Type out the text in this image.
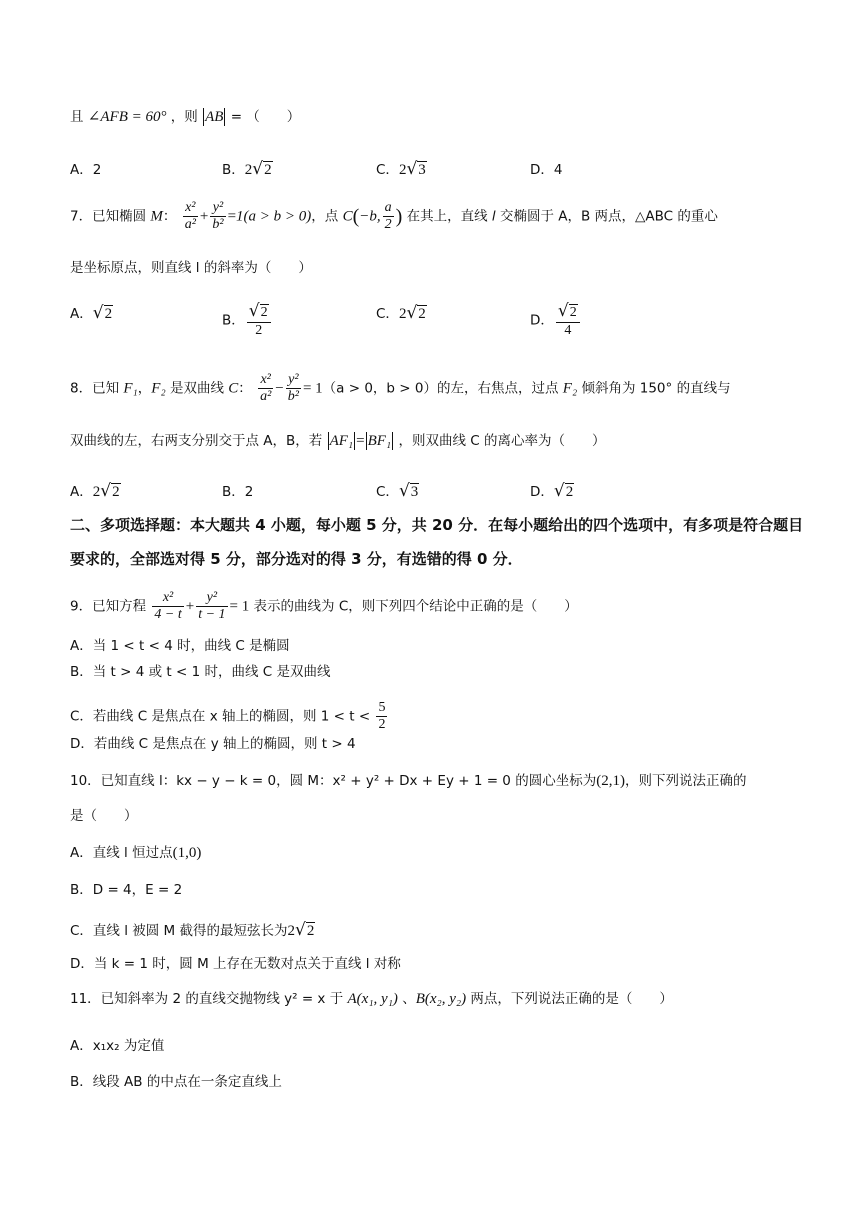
且 ∠AFB = 60° ，则 AB = （　　）
A．2	B．2√2	C．2√3	D．4
7．已知椭圆 M： $\frac{\text{x²}}{\text{a²}} + \frac{\text{y²}}{\text{b²}} =1(a > b > 0)$，点 C(−b, $\frac{a}{2}$ ) 在其上，直线 l 交椭圆于 A，B 两点，△ABC 的重心
是坐标原点，则直线 l 的斜率为（　　）
A．√2	B． $\frac{√2}{2}$	C．2√2	D． $\frac{√2}{4}$
8．已知 F₁，F₂ 是双曲线 C： $\frac{\text{x²}}{\text{a²}} - \frac{\text{y²}}{\text{b²}} = 1(a > 0$，b > 0）的左，右焦点，过点 F₂ 倾斜角为 150° 的直线与
双曲线的左，右两支分别交于点 A，B，若 AF₁ = BF₁ ，则双曲线 C 的离心率为（　　）
A．2√2	B．2	C．√3	D．√2
二、多项选择题：本大题共 4 小题，每小题 5 分，共 20 分．在每小题给出的四个选项中，有多项是符合题目要求的，全部选对得 5 分，部分选对的得 3 分，有选错的得 0 分．
9．已知方程 $\frac{\text{x²}}{4 - t} + \frac{\text{y²}}{t - 1} = 1$ 表示的曲线为 C，则下列四个结论中正确的是（　　）
A．当 1 < t < 4 时，曲线 C 是椭圆
B．当 t > 4 或 t < 1 时，曲线 C 是双曲线
C．若曲线 C 是焦点在 x 轴上的椭圆，则 $1 < t < \frac{5}{2}$
D．若曲线 C 是焦点在 y 轴上的椭圆，则 t > 4
10．已知直线 l：kx − y − k = 0，圆 M：x² + y² + Dx + Ey + 1 = 0 的圆心坐标为(2,1)，则下列说法正确的
是（　　）
A．直线 l 恒过点(1,0)
B．D = 4，E = 2
C．直线 l 被圆 M 截得的最短弦长为2√2
D．当 k = 1 时，圆 M 上存在无数对点关于直线 l 对称
11．已知斜率为 2 的直线交抛物线 y² = x 于 A(x₁, y₁) 、B(x₂, y₂) 两点，下列说法正确的是（　　）
A．x₁x₂ 为定值
B．线段 AB 的中点在一条定直线上
